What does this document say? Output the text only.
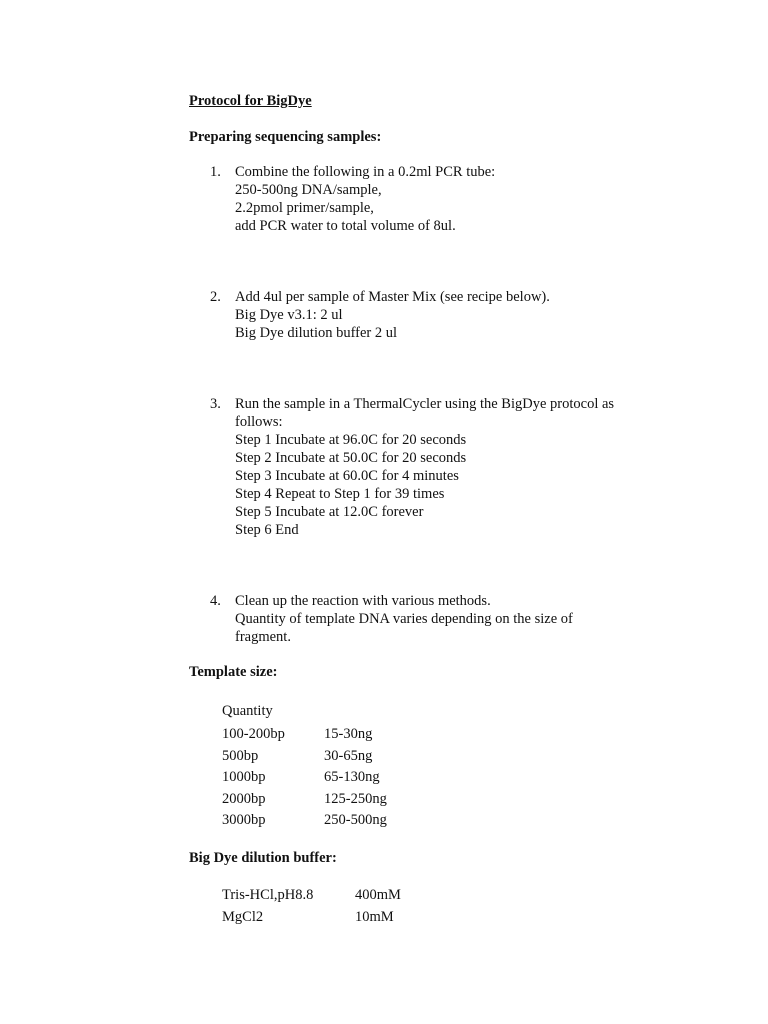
Protocol for BigDye
Preparing sequencing samples:
1. Combine the following in a 0.2ml PCR tube:
250-500ng DNA/sample,
2.2pmol primer/sample,
add PCR water to total volume of 8ul.
2. Add 4ul per sample of Master Mix (see recipe below).
Big Dye v3.1: 2 ul
Big Dye dilution buffer 2 ul
3. Run the sample in a ThermalCycler using the BigDye protocol as
follows:
Step 1 Incubate at 96.0C for 20 seconds
Step 2 Incubate at 50.0C for 20 seconds
Step 3 Incubate at 60.0C for 4 minutes
Step 4 Repeat to Step 1 for 39 times
Step 5 Incubate at 12.0C forever
Step 6 End
4. Clean up the reaction with various methods.
Quantity of template DNA varies depending on the size of
fragment.
Template size:
Quantity
100-200bp	15-30ng
500bp	30-65ng
1000bp	65-130ng
2000bp	125-250ng
3000bp	250-500ng
Big Dye dilution buffer:
Tris-HCl,pH8.8	400mM
MgCl2	10mM
